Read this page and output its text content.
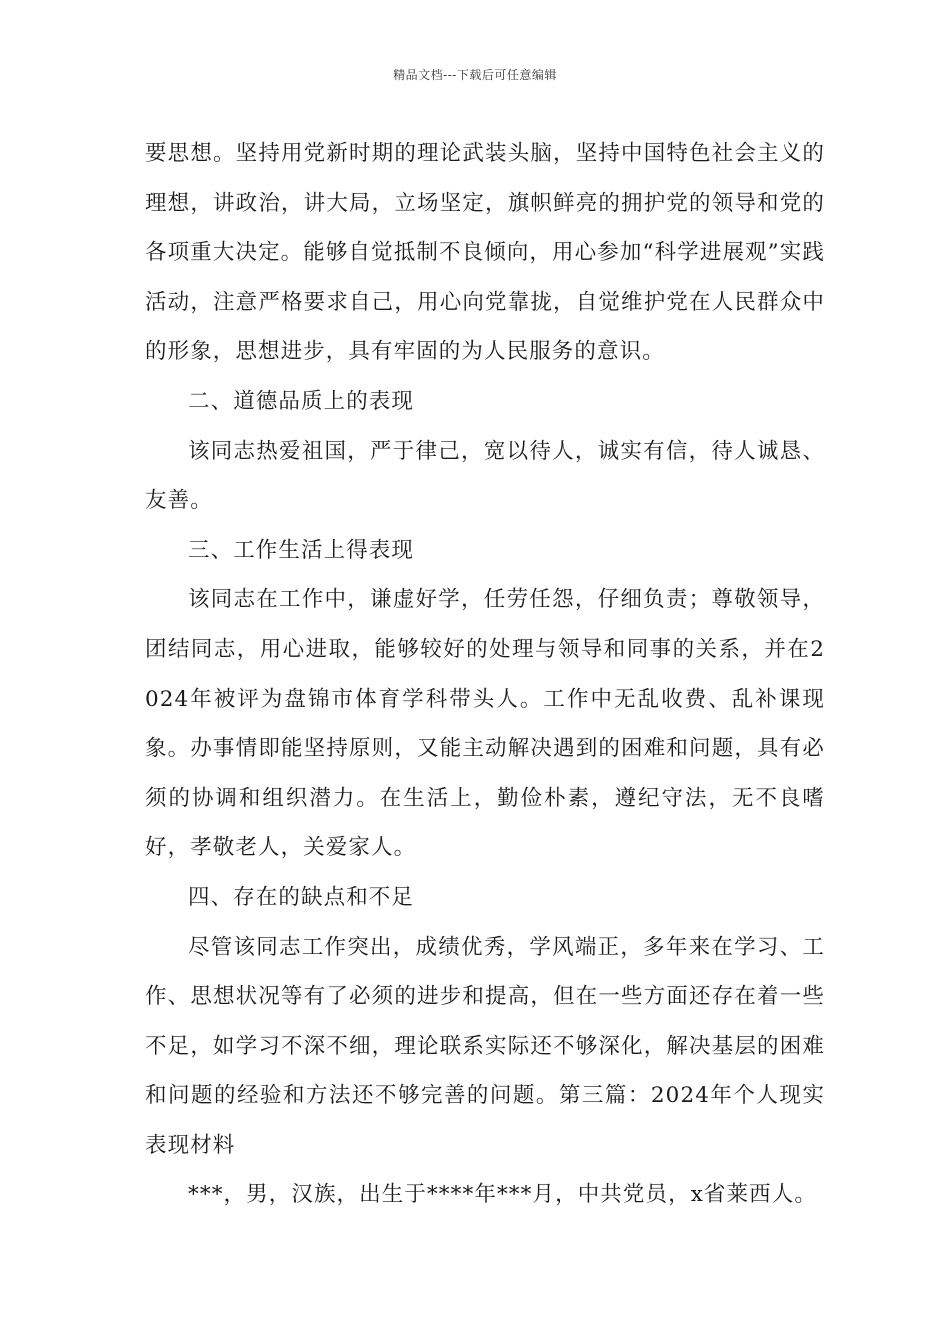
精品文档---下载后可任意编辑

要思想。坚持用党新时期的理论武装头脑，坚持中国特色社会主义的理想，讲政治，讲大局，立场坚定，旗帜鲜亮的拥护党的领导和党的各项重大决定。能够自觉抵制不良倾向，用心参加“科学进展观”实践活动，注意严格要求自己，用心向党靠拢，自觉维护党在人民群众中的形象，思想进步，具有牢固的为人民服务的意识。

二、道德品质上的表现

该同志热爱祖国，严于律己，宽以待人，诚实有信，待人诚恳、友善。

三、工作生活上得表现

该同志在工作中，谦虚好学，任劳任怨，仔细负责；尊敬领导，团结同志，用心进取，能够较好的处理与领导和同事的关系，并在2024年被评为盘锦市体育学科带头人。工作中无乱收费、乱补课现象。办事情即能坚持原则，又能主动解决遇到的困难和问题，具有必须的协调和组织潜力。在生活上，勤俭朴素，遵纪守法，无不良嗜好，孝敬老人，关爱家人。

四、存在的缺点和不足

尽管该同志工作突出，成绩优秀，学风端正，多年来在学习、工作、思想状况等有了必须的进步和提高，但在一些方面还存在着一些不足，如学习不深不细，理论联系实际还不够深化，解决基层的困难和问题的经验和方法还不够完善的问题。第三篇：2024年个人现实表现材料

***，男，汉族，出生于****年***月，中共党员，x省莱西人。
